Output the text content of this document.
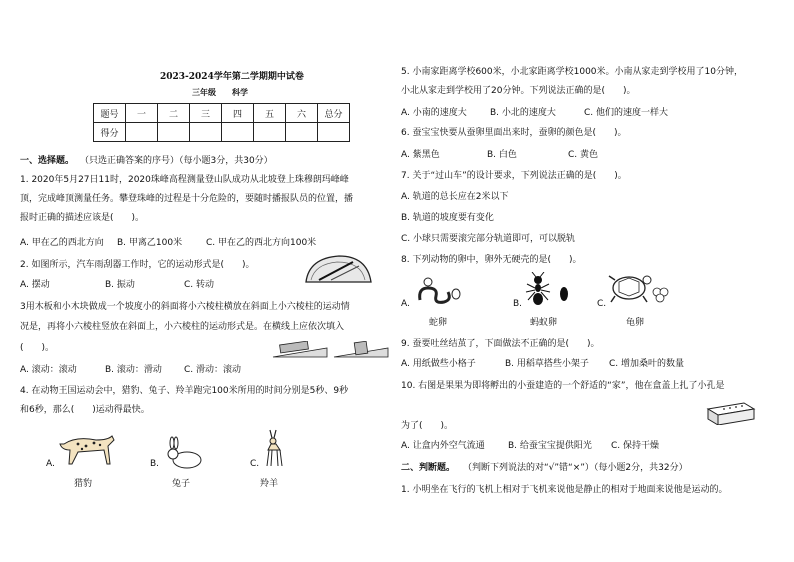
2023-2024学年第二学期期中试卷
三年级 科学
题号	一	二	三	四	五	六	总分
得分							
一、选择题。 （只选正确答案的序号）（每小题3分，共30分）
1. 2020年5月27日11时，2020珠峰高程测量登山队成功从北坡登上珠穆朗玛峰峰
顶，完成峰顶测量任务。攀登珠峰的过程是十分危险的，要随时播报队员的位置，播
报时正确的描述应该是(　　)。
A. 甲在乙的西北方向 B. 甲离乙100米	C. 甲在乙的西北方向100米
2. 如图所示，汽车雨刮器工作时，它的运动形式是(　　)。
A. 摆动	B. 振动	C. 转动
3用木板和小木块做成一个坡度小的斜面将小六棱柱横放在斜面上小六棱柱的运动情
况是，再将小六棱柱竖放在斜面上，小六棱柱的运动形式是。在横线上应依次填入
(　　)。
A. 滚动：滚动	B. 滚动：滑动 C. 滑动：滚动
4. 在动物王国运动会中，猎豹、兔子、羚羊跑完100米所用的时间分别是5秒、9秒
和6秒，那么(　　)运动得最快。
A.
猎豹
B.
兔子
C.
羚羊
5. 小南家距离学校600米，小北家距离学校1000米。小南从家走到学校用了10分钟，
小北从家走到学校用了20分钟。下列说法正确的是(　　)。
A. 小南的速度大	B. 小北的速度大	C. 他们的速度一样大
6. 蚕宝宝快要从蚕卵里面出来时，蚕卵的颜色是(　　)。
A. 紫黑色	B. 白色	C. 黄色
7. 关于“过山车”的设计要求，下列说法正确的是(　　)。
A. 轨道的总长应在2米以下
B. 轨道的坡度要有变化
C. 小球只需要滚完部分轨道即可，可以脱轨
8. 下列动物的卵中，卵外无硬壳的是(　　)。
A.
蛇卵
B.
蚂蚁卵
C.
龟卵
9. 蚕要吐丝结茧了，下面做法不正确的是(　　)。
A. 用纸做些小格子	B. 用稻草搭些小架子 C. 增加桑叶的数量
10. 右图是果果为即将孵出的小蚕建造的一个舒适的“家”，他在盒盖上扎了小孔是
为了(　　)。
A. 让盒内外空气流通	B. 给蚕宝宝提供阳光 C. 保持干燥
二、判断题。 （判断下列说法的对“√”错“×”）（每小题2分，共32分）
1. 小明坐在飞行的飞机上相对于飞机来说他是静止的相对于地面来说他是运动的。
